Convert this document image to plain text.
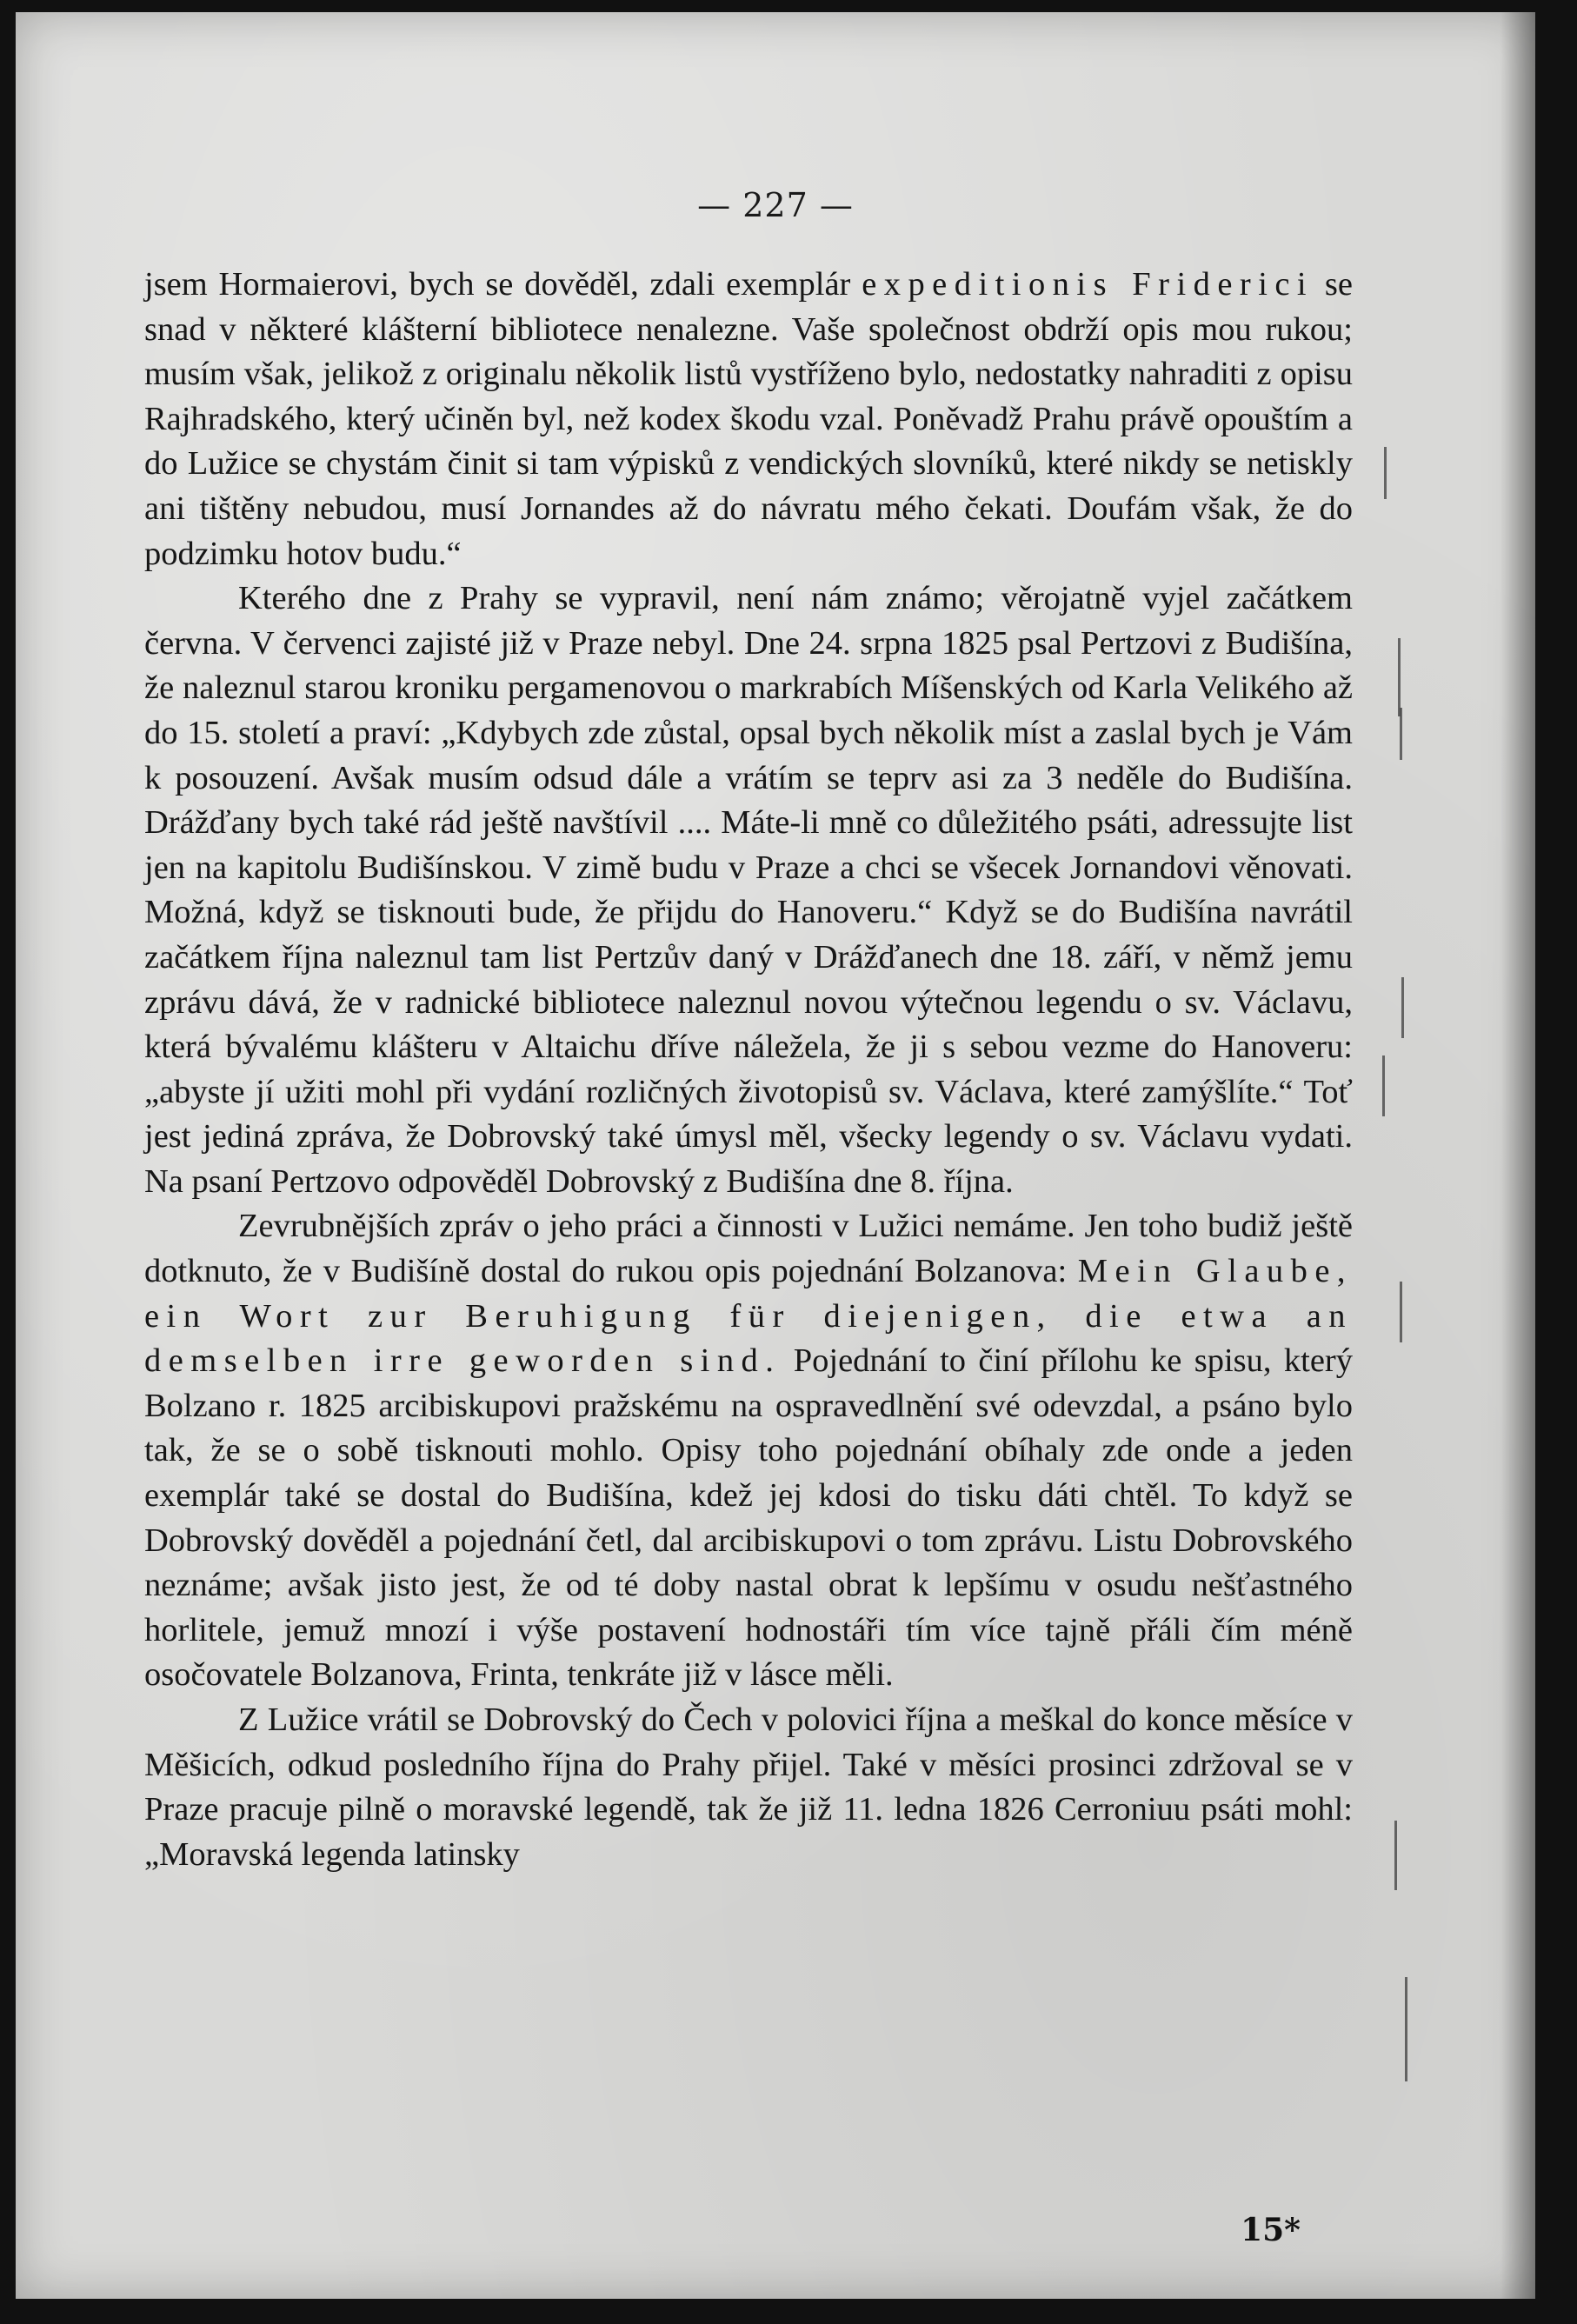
— 227 —

jsem Hormaierovi, bych se dověděl, zdali exemplár expeditionis Friderici se snad v některé klášterní bibliotece nenalezne. Vaše společnost obdrží opis mou rukou; musím však, jelikož z originalu několik listů vystříženo bylo, nedostatky nahraditi z opisu Rajhradského, který učiněn byl, než kodex škodu vzal. Poněvadž Prahu právě opouštím a do Lužice se chystám činit si tam výpisků z vendických slovníků, které nikdy se netiskly ani tištěny nebudou, musí Jornandes až do návratu mého čekati. Doufám však, že do podzimku hotov budu.“

Kterého dne z Prahy se vypravil, není nám známo; věrojatně vyjel začátkem června. V červenci zajisté již v Praze nebyl. Dne 24. srpna 1825 psal Pertzovi z Budišína, že naleznul starou kroniku pergamenovou o markrabích Míšenských od Karla Velikého až do 15. století a praví: „Kdybych zde zůstal, opsal bych několik míst a zaslal bych je Vám k posouzení. Avšak musím odsud dále a vrátím se teprv asi za 3 neděle do Budišína. Drážďany bych také rád ještě navštívil .... Máte-li mně co důležitého psáti, adressujte list jen na kapitolu Budišínskou. V zimě budu v Praze a chci se všecek Jornandovi věnovati. Možná, když se tisknouti bude, že přijdu do Hanoveru.“ Když se do Budišína navrátil začátkem října naleznul tam list Pertzův daný v Drážďanech dne 18. září, v němž jemu zprávu dává, že v radnické bibliotece naleznul novou výtečnou legendu o sv. Václavu, která bývalému klášteru v Altaichu dříve náležela, že ji s sebou vezme do Hanoveru: „abyste jí užiti mohl při vydání rozličných životopisů sv. Václava, které zamýšlíte.“ Toť jest jediná zpráva, že Dobrovský také úmysl měl, všecky legendy o sv. Václavu vydati. Na psaní Pertzovo odpověděl Dobrovský z Budišína dne 8. října.

Zevrubnějších zpráv o jeho práci a činnosti v Lužici nemáme. Jen toho budiž ještě dotknuto, že v Budišíně dostal do rukou opis pojednání Bolzanova: Mein Glaube, ein Wort zur Beruhigung für diejenigen, die etwa an demselben irre geworden sind. Pojednání to činí přílohu ke spisu, který Bolzano r. 1825 arcibiskupovi pražskému na ospravedlnění své odevzdal, a psáno bylo tak, že se o sobě tisknouti mohlo. Opisy toho pojednání obíhaly zde onde a jeden exemplár také se dostal do Budišína, kdež jej kdosi do tisku dáti chtěl. To když se Dobrovský dověděl a pojednání četl, dal arcibiskupovi o tom zprávu. Listu Dobrovského neznáme; avšak jisto jest, že od té doby nastal obrat k lepšímu v osudu nešťastného horlitele, jemuž mnozí i výše postavení hodnostáři tím více tajně přáli čím méně osočovatele Bolzanova, Frinta, tenkráte již v lásce měli.

Z Lužice vrátil se Dobrovský do Čech v polovici října a meškal do konce měsíce v Měšicích, odkud posledního října do Prahy přijel. Také v měsíci prosinci zdržoval se v Praze pracuje pilně o moravské legendě, tak že již 11. ledna 1826 Cerroniuu psáti mohl: „Moravská legenda latinsky

15*
